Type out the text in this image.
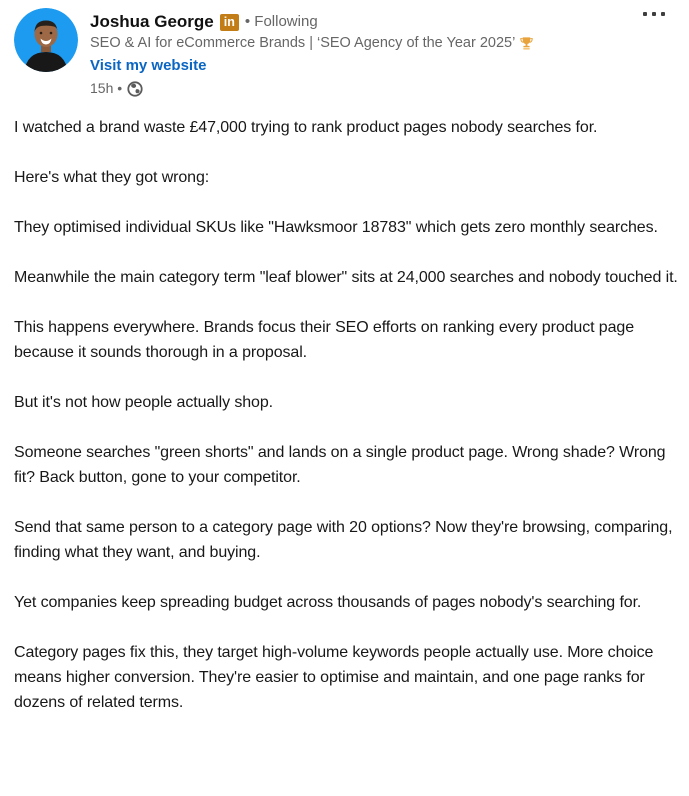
Joshua George in • Following
SEO & AI for eCommerce Brands | ‘SEO Agency of the Year 2025’
Visit my website
15h •

I watched a brand waste £47,000 trying to rank product pages nobody searches for.

Here's what they got wrong:

They optimised individual SKUs like "Hawksmoor 18783" which gets zero monthly searches.

Meanwhile the main category term "leaf blower" sits at 24,000 searches and nobody touched it.

This happens everywhere. Brands focus their SEO efforts on ranking every product page because it sounds thorough in a proposal.

But it's not how people actually shop.

Someone searches "green shorts" and lands on a single product page. Wrong shade? Wrong fit? Back button, gone to your competitor.

Send that same person to a category page with 20 options? Now they're browsing, comparing, finding what they want, and buying.

Yet companies keep spreading budget across thousands of pages nobody's searching for.

Category pages fix this, they target high-volume keywords people actually use. More choice means higher conversion. They're easier to optimise and maintain, and one page ranks for dozens of related terms.
